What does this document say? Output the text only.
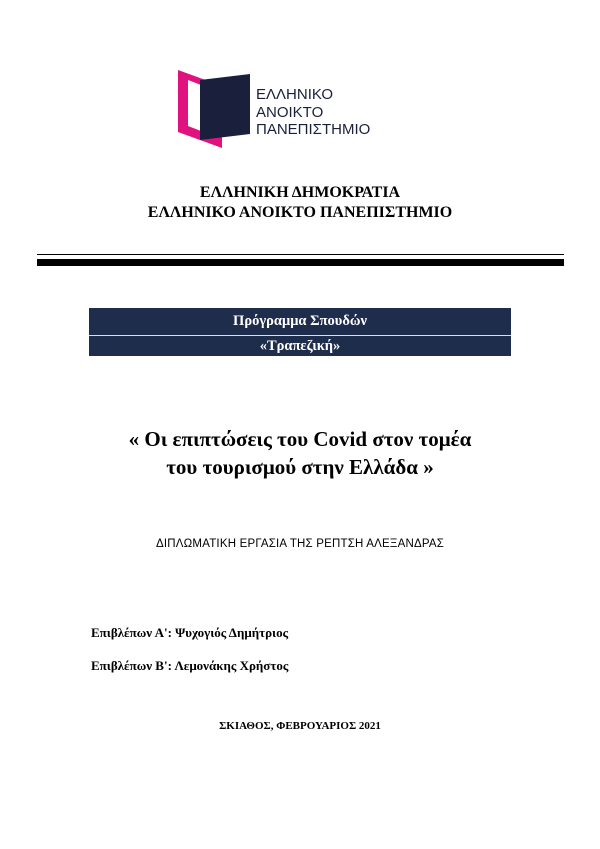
ΕΛΛΗΝΙΚΟ
ΑΝΟΙΚΤΟ
ΠΑΝΕΠΙΣΤΗΜΙΟ
ΕΛΛΗΝΙΚΗ ΔΗΜΟΚΡΑΤΙΑ
ΕΛΛΗΝΙΚΟ ΑΝΟΙΚΤΟ ΠΑΝΕΠΙΣΤΗΜΙΟ
Πρόγραμμα Σπουδών
«Τραπεζική»
« Οι επιπτώσεις του Covid στον τομέα
του τουρισμού στην Ελλάδα »
ΔΙΠΛΩΜΑΤΙΚΗ ΕΡΓΑΣΙΑ ΤΗΣ ΡΕΠΤΣΗ ΑΛΕΞΑΝΔΡΑΣ
Επιβλέπων Α': Ψυχογιός Δημήτριος
Επιβλέπων Β': Λεμονάκης Χρήστος
ΣΚΙΑΘΟΣ, ΦΕΒΡΟΥΑΡΙΟΣ 2021
